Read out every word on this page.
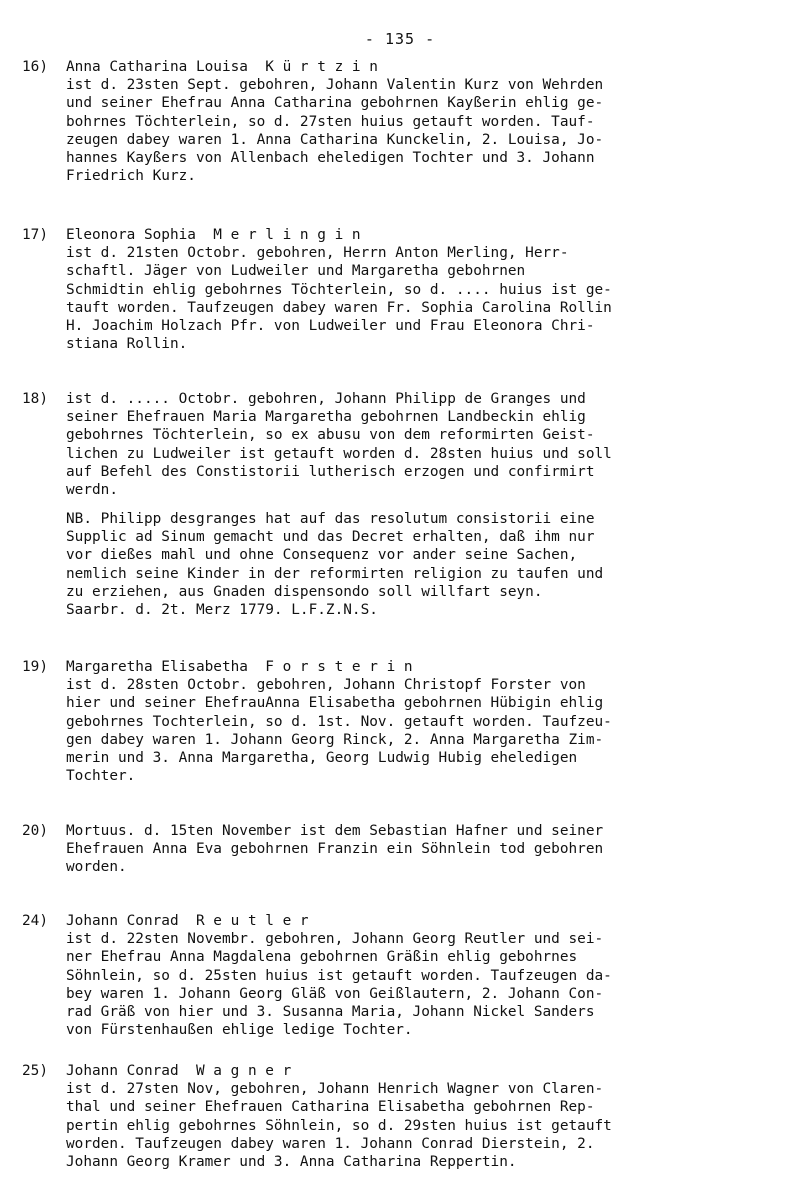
- 135 -
16)	Anna Catharina Louisa  K ü r t z i n
ist d. 23sten Sept. gebohren, Johann Valentin Kurz von Wehrden
und seiner Ehefrau Anna Catharina gebohrnen Kayßerin ehlig ge-
bohrnes Töchterlein, so d. 27sten huius getauft worden. Tauf-
zeugen dabey waren 1. Anna Catharina Kunckelin, 2. Louisa, Jo-
hannes Kayßers von Allenbach eheledigen Tochter und 3. Johann
Friedrich Kurz.
17)	Eleonora Sophia  M e r l i n g i n
ist d. 21sten Octobr. gebohren, Herrn Anton Merling, Herr-
schaftl. Jäger von Ludweiler und Margaretha gebohrnen
Schmidtin ehlig gebohrnes Töchterlein, so d. .... huius ist ge-
tauft worden. Taufzeugen dabey waren Fr. Sophia Carolina Rollin
H. Joachim Holzach Pfr. von Ludweiler und Frau Eleonora Chri-
stiana Rollin.
18)	ist d. ..... Octobr. gebohren, Johann Philipp de Granges und
seiner Ehefrauen Maria Margaretha gebohrnen Landbeckin ehlig
gebohrnes Töchterlein, so ex abusu von dem reformirten Geist-
lichen zu Ludweiler ist getauft worden d. 28sten huius und soll
auf Befehl des Constistorii lutherisch erzogen und confirmirt
werdn.
NB. Philipp desgranges hat auf das resolutum consistorii eine
Supplic ad Sinum gemacht und das Decret erhalten, daß ihm nur
vor dießes mahl und ohne Consequenz vor ander seine Sachen,
nemlich seine Kinder in der reformirten religion zu taufen und
zu erziehen, aus Gnaden dispensondo soll willfart seyn.
Saarbr. d. 2t. Merz 1779. L.F.Z.N.S.
19)	Margaretha Elisabetha  F o r s t e r i n
ist d. 28sten Octobr. gebohren, Johann Christopf Forster von
hier und seiner EhefrauAnna Elisabetha gebohrnen Hübigin ehlig
gebohrnes Tochterlein, so d. 1st. Nov. getauft worden. Taufzeu-
gen dabey waren 1. Johann Georg Rinck, 2. Anna Margaretha Zim-
merin und 3. Anna Margaretha, Georg Ludwig Hubig eheledigen
Tochter.
20)	Mortuus. d. 15ten November ist dem Sebastian Hafner und seiner
Ehefrauen Anna Eva gebohrnen Franzin ein Söhnlein tod gebohren
worden.
24)	Johann Conrad  R e u t l e r
ist d. 22sten Novembr. gebohren, Johann Georg Reutler und sei-
ner Ehefrau Anna Magdalena gebohrnen Gräßin ehlig gebohrnes
Söhnlein, so d. 25sten huius ist getauft worden. Taufzeugen da-
bey waren 1. Johann Georg Gläß von Geißlautern, 2. Johann Con-
rad Gräß von hier und 3. Susanna Maria, Johann Nickel Sanders
von Fürstenhaußen ehlige ledige Tochter.
25)	Johann Conrad  W a g n e r
ist d. 27sten Nov, gebohren, Johann Henrich Wagner von Claren-
thal und seiner Ehefrauen Catharina Elisabetha gebohrnen Rep-
pertin ehlig gebohrnes Söhnlein, so d. 29sten huius ist getauft
worden. Taufzeugen dabey waren 1. Johann Conrad Dierstein, 2.
Johann Georg Kramer und 3. Anna Catharina Reppertin.
